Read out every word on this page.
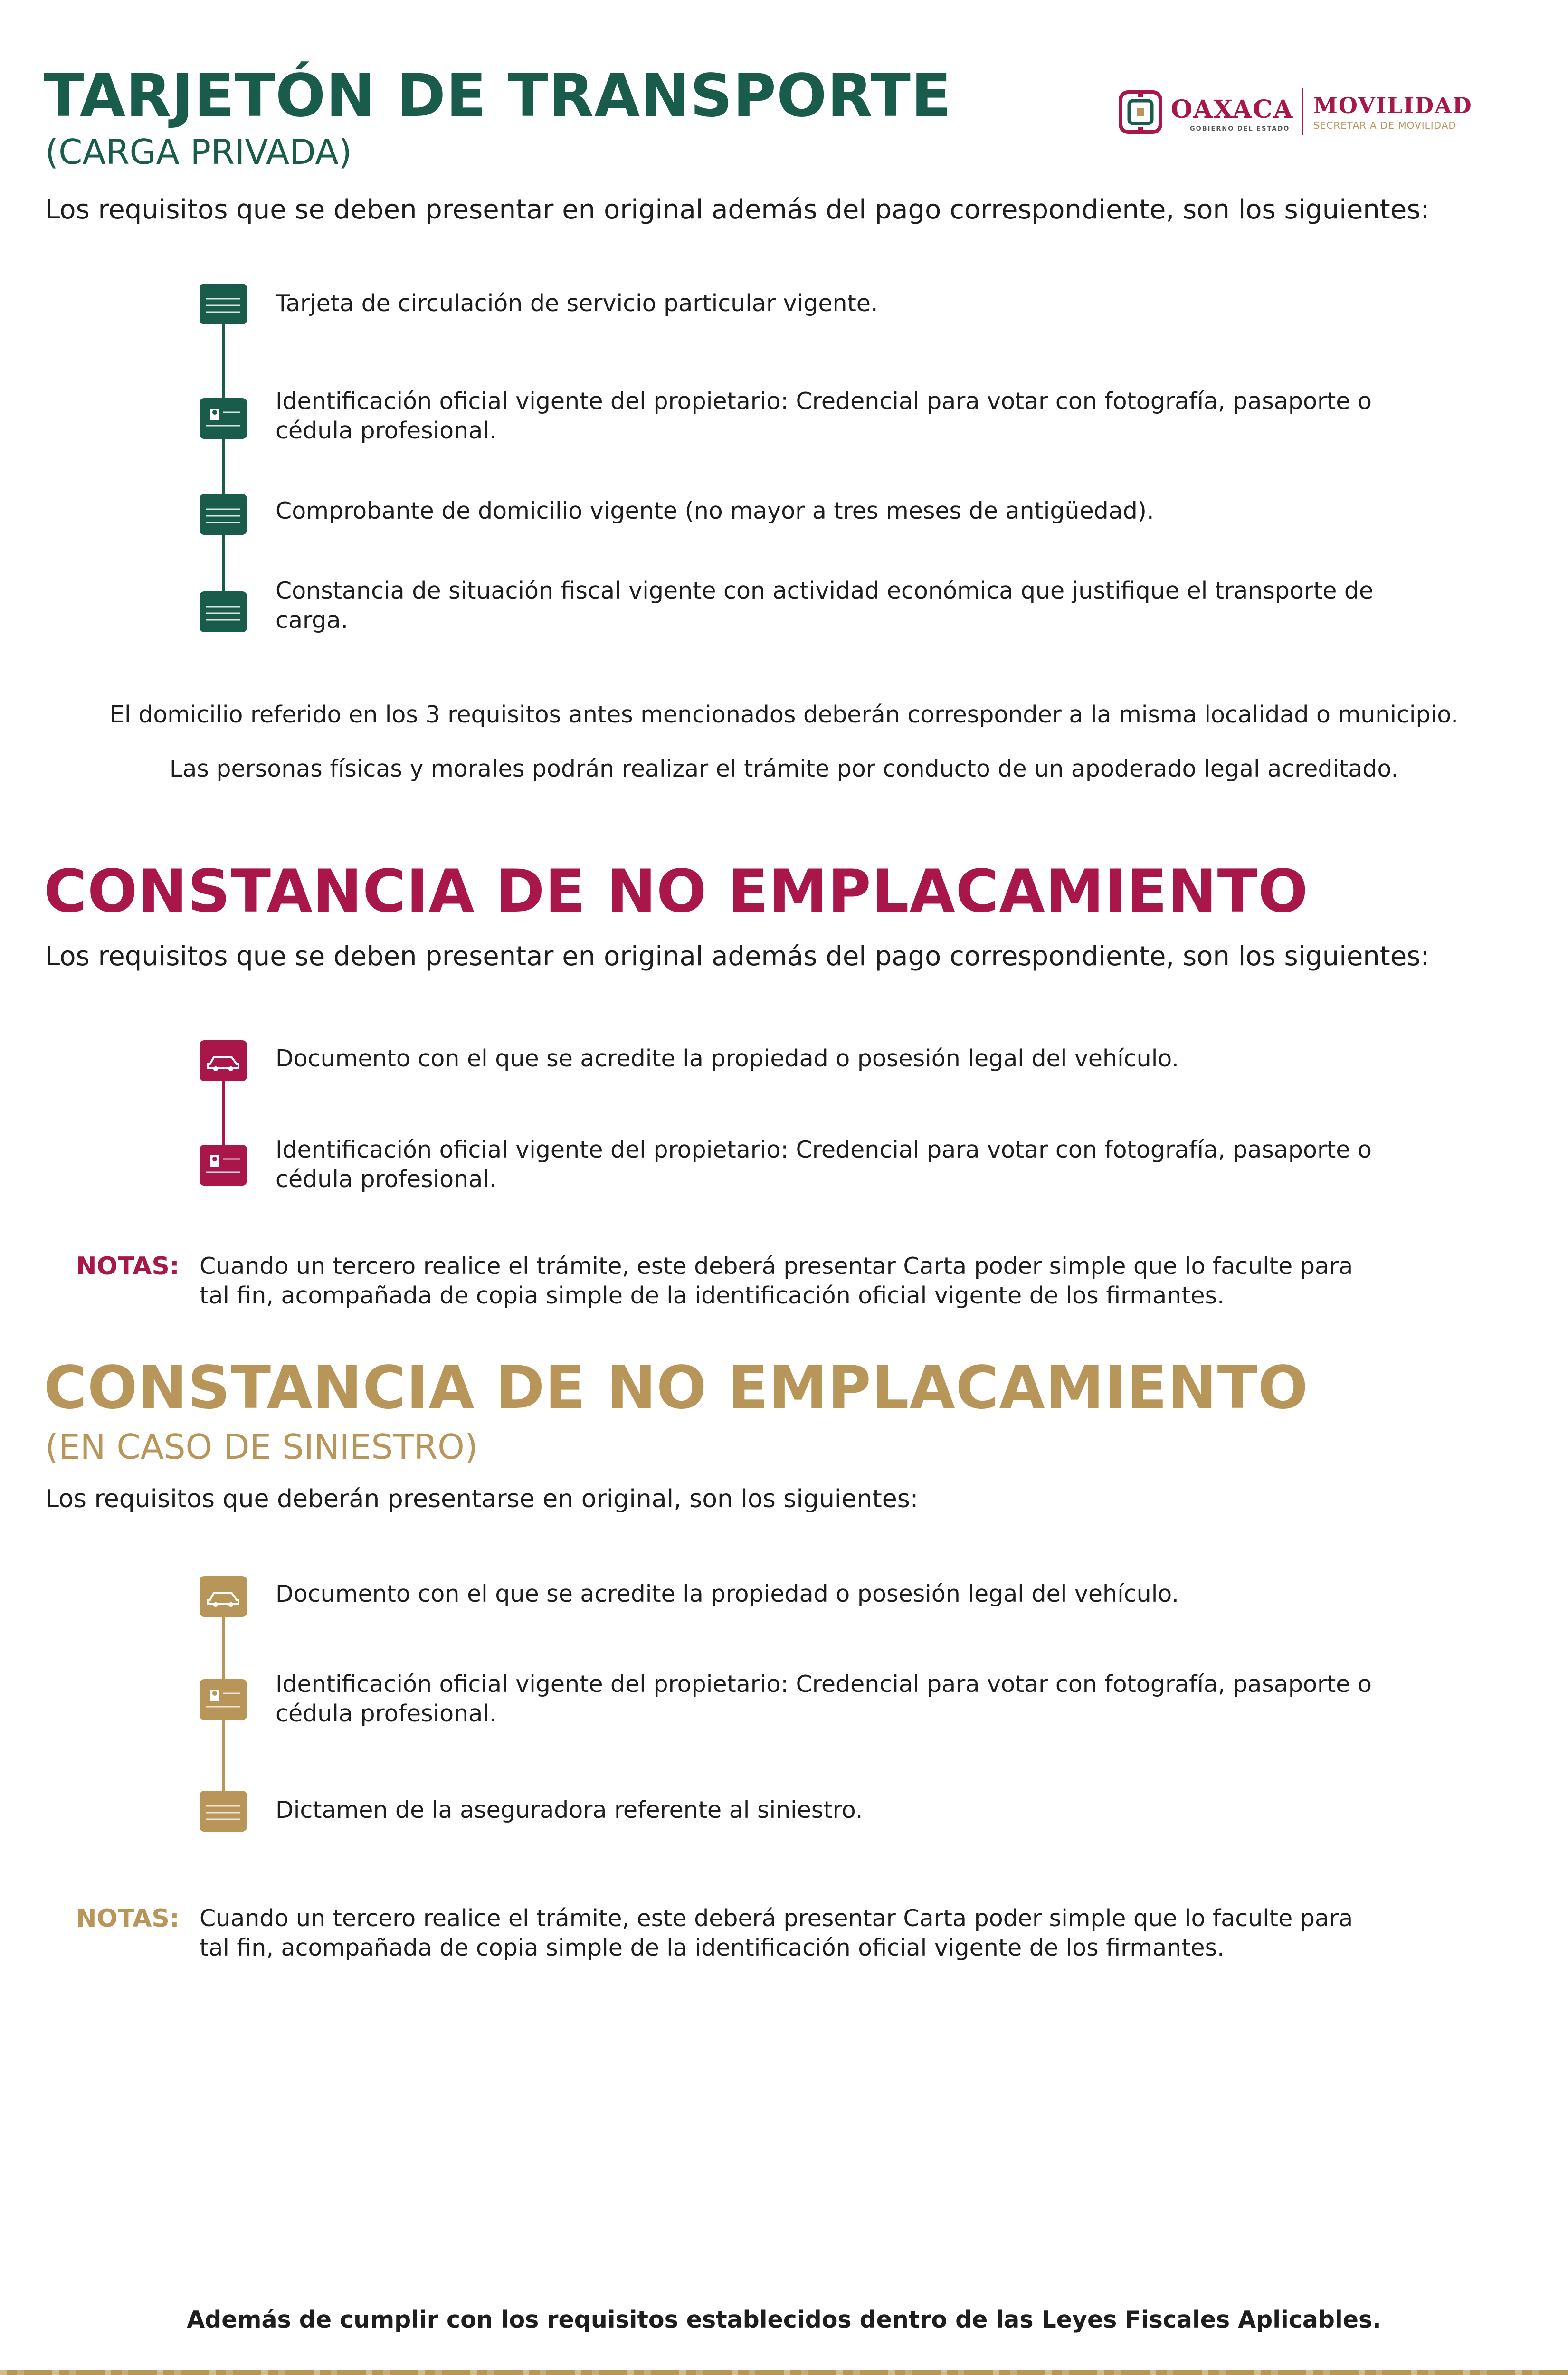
OAXACA
GOBIERNO DEL ESTADO
MOVILIDAD
SECRETARÍA DE MOVILIDAD
TARJETÓN DE TRANSPORTE
(CARGA PRIVADA)
Los requisitos que se deben presentar en original además del pago correspondiente, son los siguientes:
Tarjeta de circulación de servicio particular vigente.
Identificación oficial vigente del propietario: Credencial para votar con fotografía, pasaporte o cédula profesional.
Comprobante de domicilio vigente (no mayor a tres meses de antigüedad).
Constancia de situación fiscal vigente con actividad económica que justifique el transporte de carga.
El domicilio referido en los 3 requisitos antes mencionados deberán corresponder a la misma localidad o municipio.
Las personas físicas y morales podrán realizar el trámite por conducto de un apoderado legal acreditado.
CONSTANCIA DE NO EMPLACAMIENTO
Los requisitos que se deben presentar en original además del pago correspondiente, son los siguientes:
Documento con el que se acredite la propiedad o posesión legal del vehículo.
Identificación oficial vigente del propietario: Credencial para votar con fotografía, pasaporte o cédula profesional.
NOTAS: Cuando un tercero realice el trámite, este deberá presentar Carta poder simple que lo faculte para tal fin, acompañada de copia simple de la identificación oficial vigente de los firmantes.
CONSTANCIA DE NO EMPLACAMIENTO
(EN CASO DE SINIESTRO)
Los requisitos que deberán presentarse en original, son los siguientes:
Documento con el que se acredite la propiedad o posesión legal del vehículo.
Identificación oficial vigente del propietario: Credencial para votar con fotografía, pasaporte o cédula profesional.
Dictamen de la aseguradora referente al siniestro.
NOTAS: Cuando un tercero realice el trámite, este deberá presentar Carta poder simple que lo faculte para tal fin, acompañada de copia simple de la identificación oficial vigente de los firmantes.
Además de cumplir con los requisitos establecidos dentro de las Leyes Fiscales Aplicables.
